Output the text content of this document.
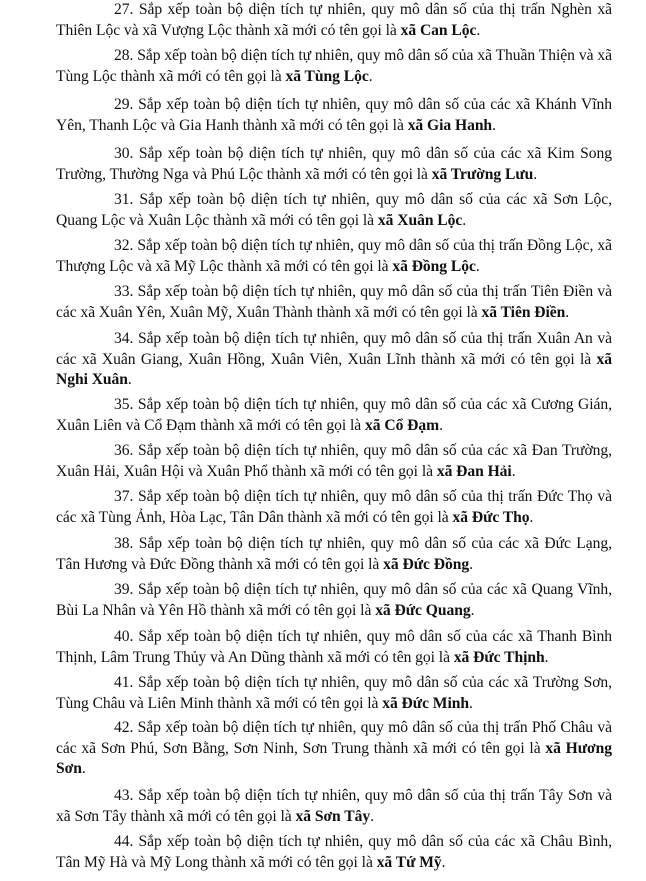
27. Sắp xếp toàn bộ diện tích tự nhiên, quy mô dân số của thị trấn Nghèn xã Thiên Lộc và xã Vượng Lộc thành xã mới có tên gọi là xã Can Lộc.

28. Sắp xếp toàn bộ diện tích tự nhiên, quy mô dân số của xã Thuần Thiện và xã Tùng Lộc thành xã mới có tên gọi là xã Tùng Lộc.

29. Sắp xếp toàn bộ diện tích tự nhiên, quy mô dân số của các xã Khánh Vĩnh Yên, Thanh Lộc và Gia Hanh thành xã mới có tên gọi là xã Gia Hanh.

30. Sắp xếp toàn bộ diện tích tự nhiên, quy mô dân số của các xã Kim Song Trường, Thường Nga và Phú Lộc thành xã mới có tên gọi là xã Trường Lưu.

31. Sắp xếp toàn bộ diện tích tự nhiên, quy mô dân số của các xã Sơn Lộc, Quang Lộc và Xuân Lộc thành xã mới có tên gọi là xã Xuân Lộc.

32. Sắp xếp toàn bộ diện tích tự nhiên, quy mô dân số của thị trấn Đồng Lộc, xã Thượng Lộc và xã Mỹ Lộc thành xã mới có tên gọi là xã Đồng Lộc.

33. Sắp xếp toàn bộ diện tích tự nhiên, quy mô dân số của thị trấn Tiên Điền và các xã Xuân Yên, Xuân Mỹ, Xuân Thành thành xã mới có tên gọi là xã Tiên Điền.

34. Sắp xếp toàn bộ diện tích tự nhiên, quy mô dân số của thị trấn Xuân An và các xã Xuân Giang, Xuân Hồng, Xuân Viên, Xuân Lĩnh thành xã mới có tên gọi là xã Nghi Xuân.

35. Sắp xếp toàn bộ diện tích tự nhiên, quy mô dân số của các xã Cương Gián, Xuân Liên và Cổ Đạm thành xã mới có tên gọi là xã Cổ Đạm.

36. Sắp xếp toàn bộ diện tích tự nhiên, quy mô dân số của các xã Đan Trường, Xuân Hải, Xuân Hội và Xuân Phổ thành xã mới có tên gọi là xã Đan Hải.

37. Sắp xếp toàn bộ diện tích tự nhiên, quy mô dân số của thị trấn Đức Thọ và các xã Tùng Ảnh, Hòa Lạc, Tân Dân thành xã mới có tên gọi là xã Đức Thọ.

38. Sắp xếp toàn bộ diện tích tự nhiên, quy mô dân số của các xã Đức Lạng, Tân Hương và Đức Đồng thành xã mới có tên gọi là xã Đức Đồng.

39. Sắp xếp toàn bộ diện tích tự nhiên, quy mô dân số của các xã Quang Vĩnh, Bùi La Nhân và Yên Hồ thành xã mới có tên gọi là xã Đức Quang.

40. Sắp xếp toàn bộ diện tích tự nhiên, quy mô dân số của các xã Thanh Bình Thịnh, Lâm Trung Thủy và An Dũng thành xã mới có tên gọi là xã Đức Thịnh.

41. Sắp xếp toàn bộ diện tích tự nhiên, quy mô dân số của các xã Trường Sơn, Tùng Châu và Liên Minh thành xã mới có tên gọi là xã Đức Minh.

42. Sắp xếp toàn bộ diện tích tự nhiên, quy mô dân số của thị trấn Phố Châu và các xã Sơn Phú, Sơn Bằng, Sơn Ninh, Sơn Trung thành xã mới có tên gọi là xã Hương Sơn.

43. Sắp xếp toàn bộ diện tích tự nhiên, quy mô dân số của thị trấn Tây Sơn và xã Sơn Tây thành xã mới có tên gọi là xã Sơn Tây.

44. Sắp xếp toàn bộ diện tích tự nhiên, quy mô dân số của các xã Châu Bình, Tân Mỹ Hà và Mỹ Long thành xã mới có tên gọi là xã Tứ Mỹ.
